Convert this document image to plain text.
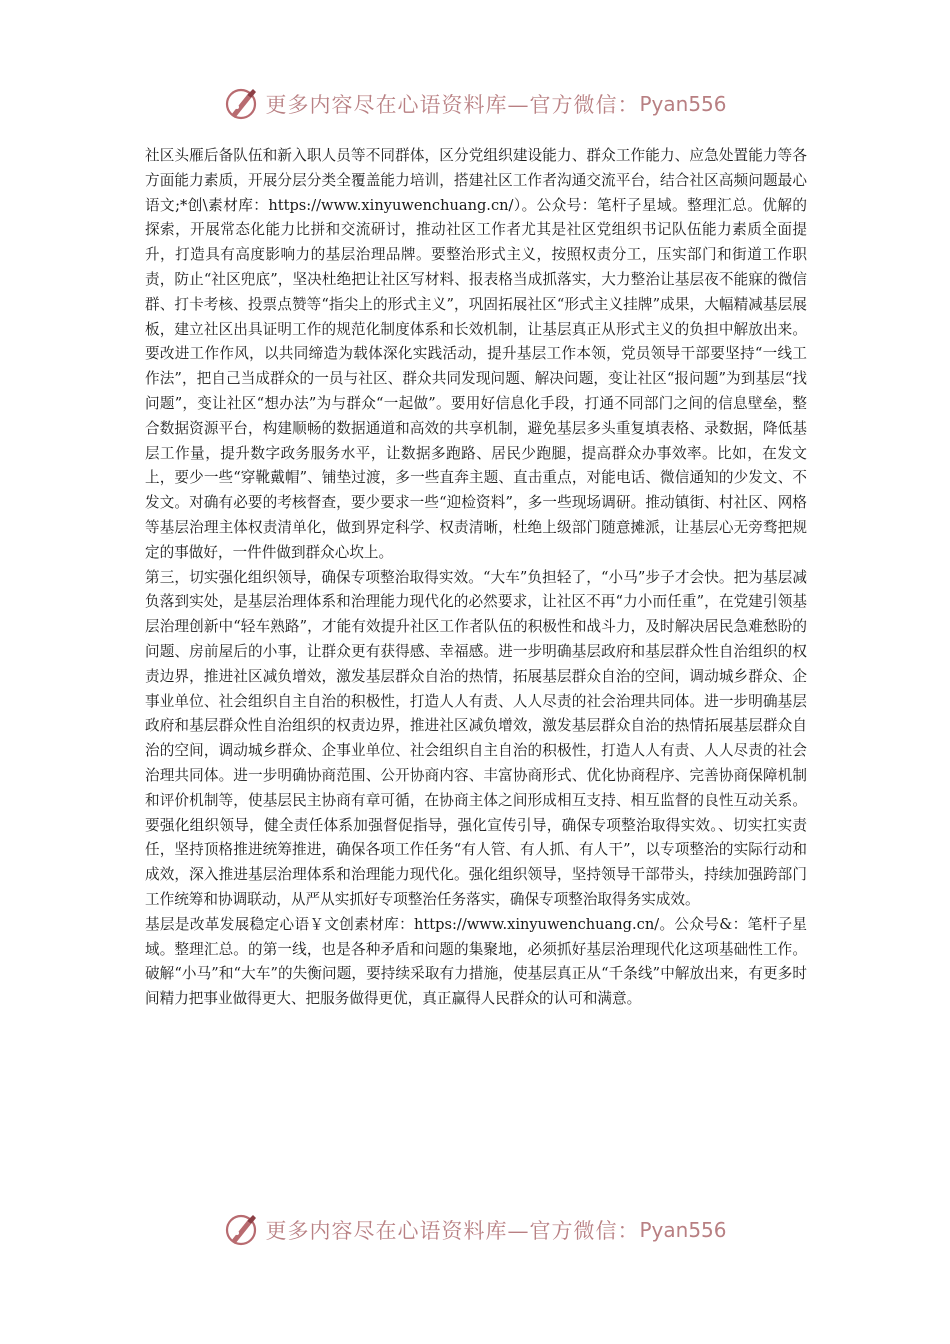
更多内容尽在心语资料库—官方微信： Pyan556

社区头雁后备队伍和新入职人员等不同群体，区分党组织建设能力、群众工作能力、应急处置能力等各方面能力素质，开展分层分类全覆盖能力培训，搭建社区工作者沟通交流平台，结合社区高频问题最心语文;*创\素材库：https://www.xinyuwenchuang.cn/）。公众号：笔杆子星域。整理汇总。优解的探索，开展常态化能力比拼和交流研讨，推动社区工作者尤其是社区党组织书记队伍能力素质全面提升，打造具有高度影响力的基层治理品牌。要整治形式主义，按照权责分工，压实部门和街道工作职责，防止“社区兜底”，坚决杜绝把让社区写材料、报表格当成抓落实，大力整治让基层夜不能寐的微信群、打卡考核、投票点赞等“指尖上的形式主义”，巩固拓展社区“形式主义挂牌”成果，大幅精减基层展板，建立社区出具证明工作的规范化制度体系和长效机制，让基层真正从形式主义的负担中解放出来。要改进工作作风，以共同缔造为载体深化实践活动，提升基层工作本领，党员领导干部要坚持“一线工作法”，把自己当成群众的一员与社区、群众共同发现问题、解决问题，变让社区“报问题”为到基层“找问题”，变让社区“想办法”为与群众“一起做”。要用好信息化手段，打通不同部门之间的信息壁垒，整合数据资源平台，构建顺畅的数据通道和高效的共享机制，避免基层多头重复填表格、录数据，降低基层工作量，提升数字政务服务水平，让数据多跑路、居民少跑腿，提高群众办事效率。比如，在发文上，要少一些“穿靴戴帽”、铺垫过渡，多一些直奔主题、直击重点，对能电话、微信通知的少发文、不发文。对确有必要的考核督查，要少要求一些“迎检资料”，多一些现场调研。推动镇街、村社区、网格等基层治理主体权责清单化，做到界定科学、权责清晰，杜绝上级部门随意摊派，让基层心无旁骛把规定的事做好，一件件做到群众心坎上。

第三，切实强化组织领导，确保专项整治取得实效。“大车”负担轻了，“小马”步子才会快。把为基层减负落到实处，是基层治理体系和治理能力现代化的必然要求，让社区不再“力小而任重”，在党建引领基层治理创新中“轻车熟路”，才能有效提升社区工作者队伍的积极性和战斗力，及时解决居民急难愁盼的问题、房前屋后的小事，让群众更有获得感、幸福感。进一步明确基层政府和基层群众性自治组织的权责边界，推进社区减负增效，激发基层群众自治的热情，拓展基层群众自治的空间，调动城乡群众、企事业单位、社会组织自主自治的积极性，打造人人有责、人人尽责的社会治理共同体。进一步明确基层政府和基层群众性自治组织的权责边界，推进社区减负增效，激发基层群众自治的热情拓展基层群众自治的空间，调动城乡群众、企事业单位、社会组织自主自治的积极性，打造人人有责、人人尽责的社会治理共同体。进一步明确协商范围、公开协商内容、丰富协商形式、优化协商程序、完善协商保障机制和评价机制等，使基层民主协商有章可循，在协商主体之间形成相互支持、相互监督的良性互动关系。要强化组织领导，健全责任体系加强督促指导，强化宣传引导，确保专项整治取得实效。、切实扛实责任，坚持顶格推进统筹推进，确保各项工作任务“有人管、有人抓、有人干”，以专项整治的实际行动和成效，深入推进基层治理体系和治理能力现代化。强化组织领导，坚持领导干部带头，持续加强跨部门工作统筹和协调联动，从严从实抓好专项整治任务落实，确保专项整治取得务实成效。

基层是改革发展稳定心语￥文创素材库：https://www.xinyuwenchuang.cn/。公众号&：笔杆子星域。整理汇总。的第一线，也是各种矛盾和问题的集聚地，必须抓好基层治理现代化这项基础性工作。破解“小马”和“大车”的失衡问题，要持续采取有力措施，使基层真正从“千条线”中解放出来，有更多时间精力把事业做得更大、把服务做得更优，真正赢得人民群众的认可和满意。

更多内容尽在心语资料库—官方微信： Pyan556
